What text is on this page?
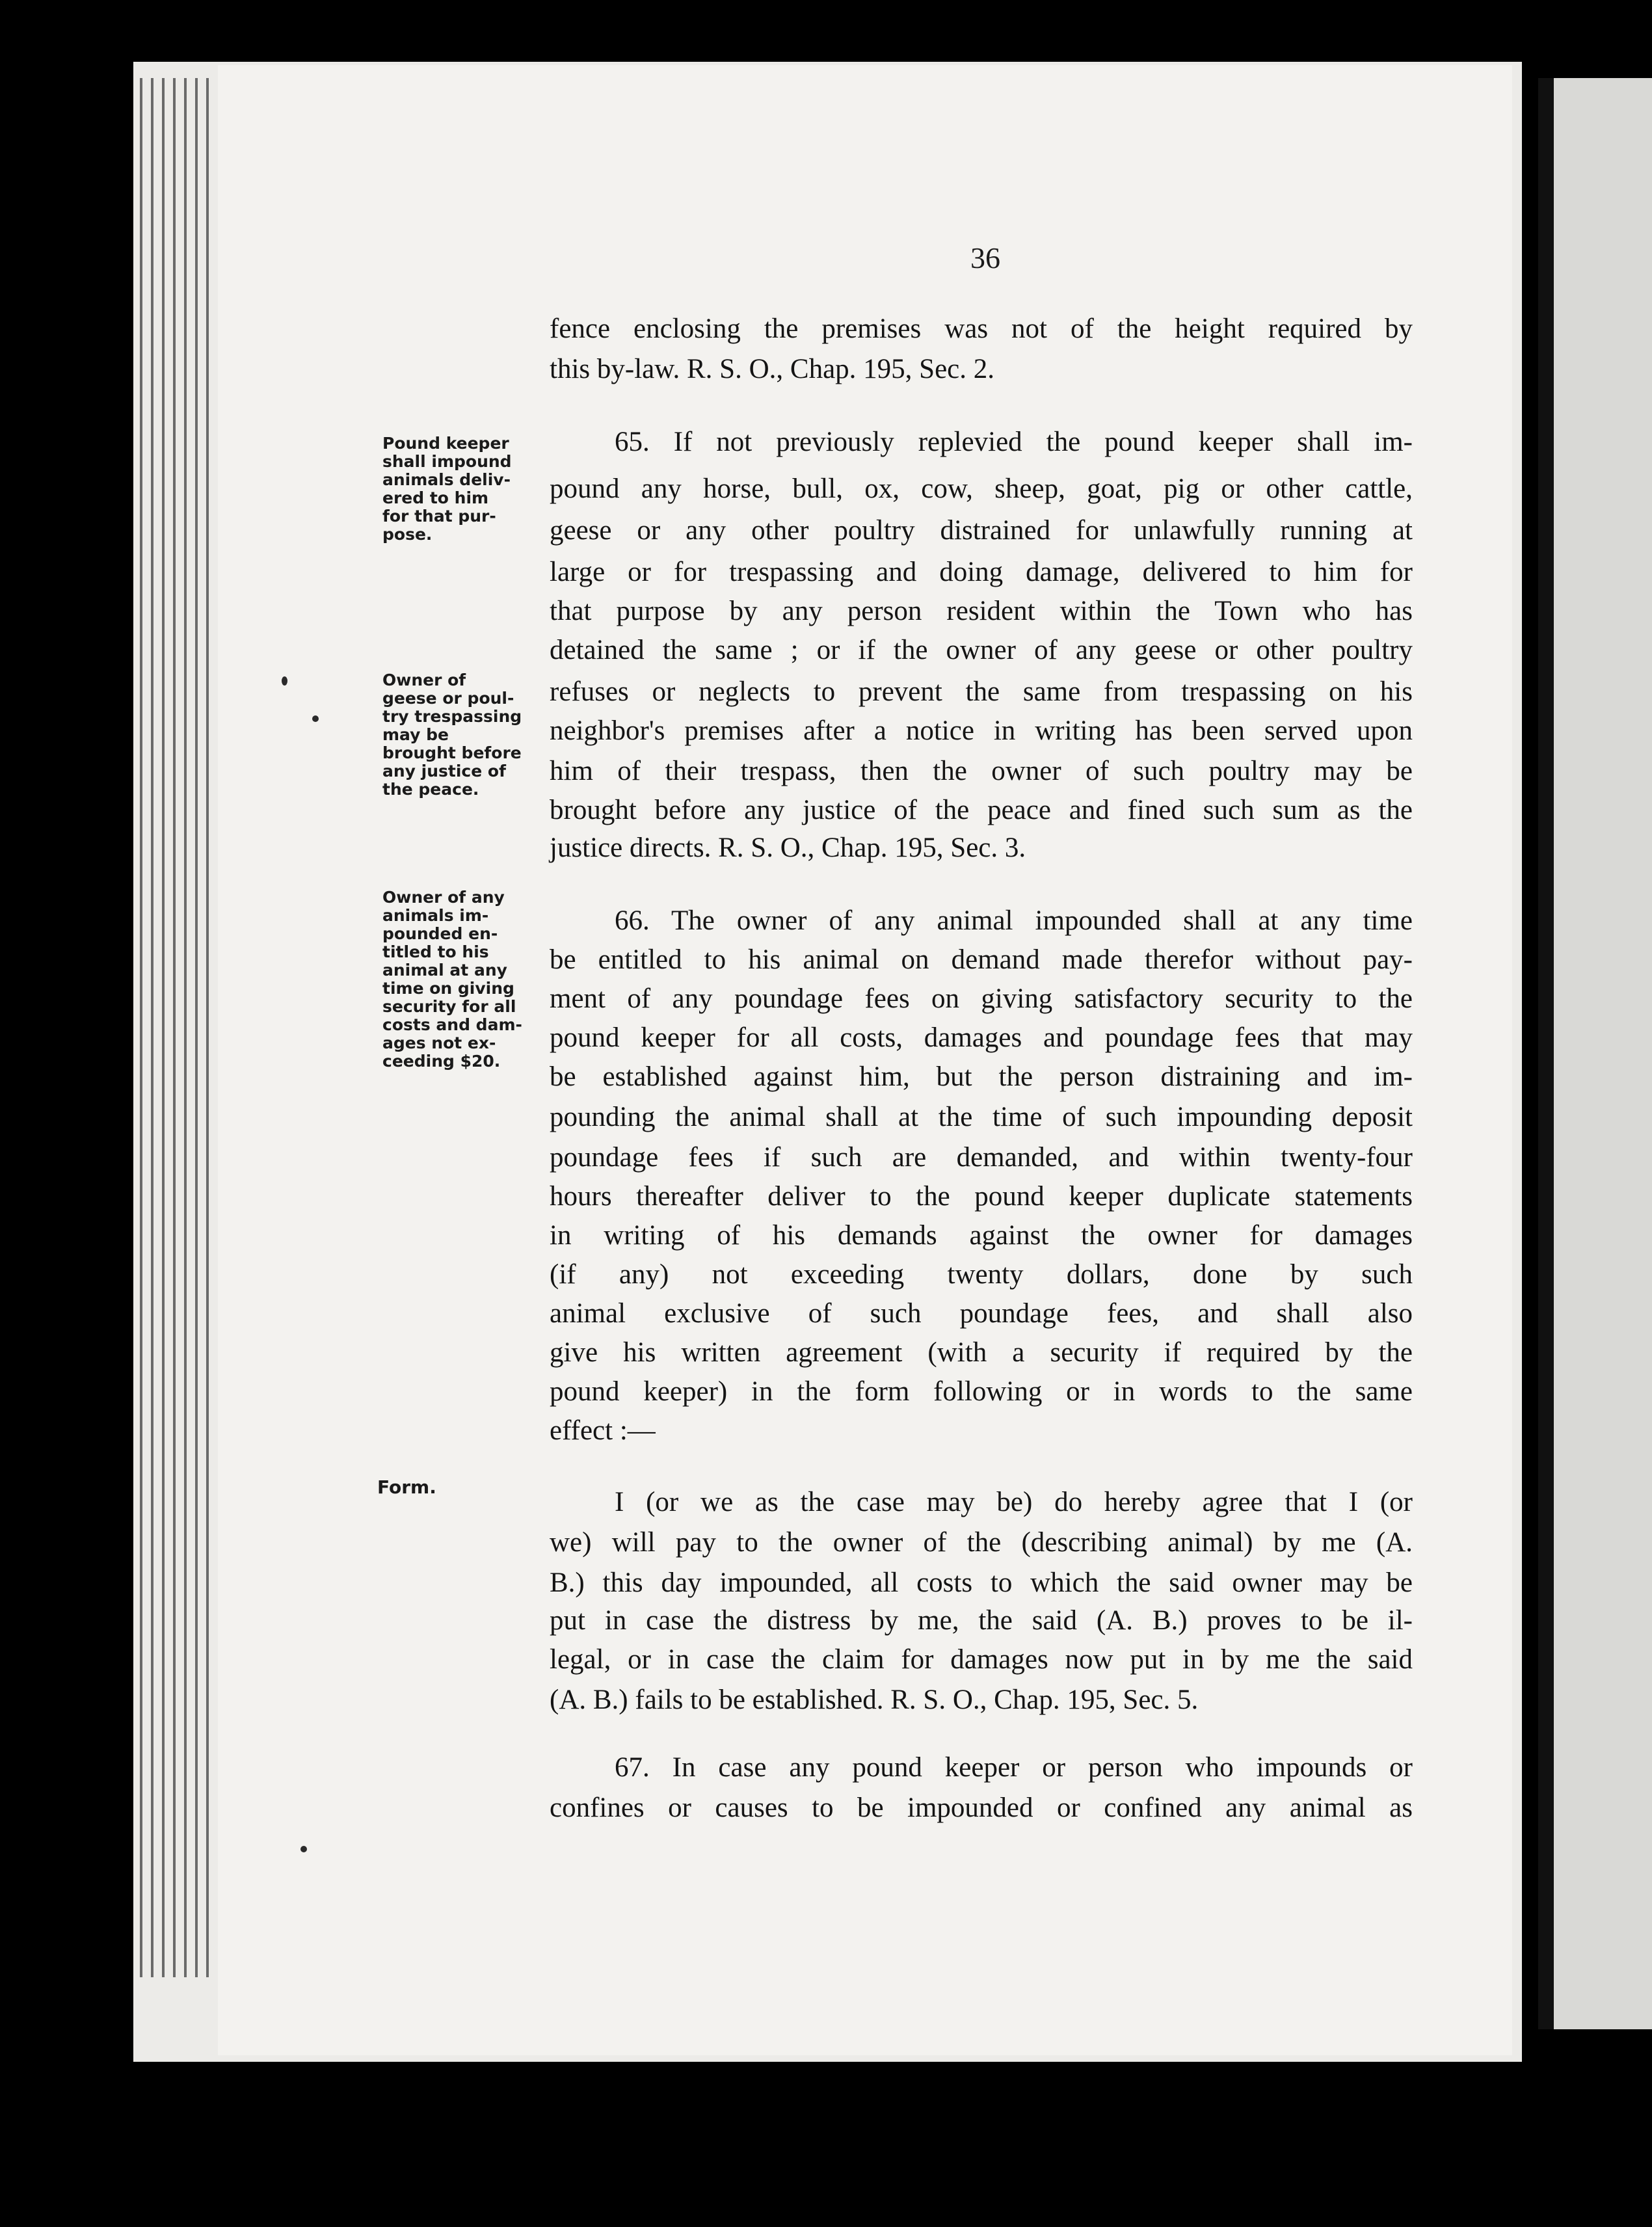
36
fence enclosing the premises was not of the height required by
this by-law. R. S. O., Chap. 195, Sec. 2.
65. If not previously replevied the pound keeper shall im-
pound any horse, bull, ox, cow, sheep, goat, pig or other cattle,
geese or any other poultry distrained for unlawfully running at
large or for trespassing and doing damage, delivered to him for
that purpose by any person resident within the Town who has
detained the same ; or if the owner of any geese or other poultry
refuses or neglects to prevent the same from trespassing on his
neighbor's premises after a notice in writing has been served upon
him of their trespass, then the owner of such poultry may be
brought before any justice of the peace and fined such sum as the
justice directs. R. S. O., Chap. 195, Sec. 3.
66. The owner of any animal impounded shall at any time
be entitled to his animal on demand made therefor without pay-
ment of any poundage fees on giving satisfactory security to the
pound keeper for all costs, damages and poundage fees that may
be established against him, but the person distraining and im-
pounding the animal shall at the time of such impounding deposit
poundage fees if such are demanded, and within twenty-four
hours thereafter deliver to the pound keeper duplicate statements
in writing of his demands against the owner for damages
(if any) not exceeding twenty dollars, done by such
animal exclusive of such poundage fees, and shall also
give his written agreement (with a security if required by the
pound keeper) in the form following or in words to the same
effect :—
I (or we as the case may be) do hereby agree that I (or
we) will pay to the owner of the (describing animal) by me (A.
B.) this day impounded, all costs to which the said owner may be
put in case the distress by me, the said (A. B.) proves to be il-
legal, or in case the claim for damages now put in by me the said
(A. B.) fails to be established. R. S. O., Chap. 195, Sec. 5.
67. In case any pound keeper or person who impounds or
confines or causes to be impounded or confined any animal as
Pound keeper
shall impound
animals deliv-
ered to him
for that pur-
pose.
Owner of
geese or poul-
try trespassing
may be
brought before
any justice of
the peace.
Owner of any
animals im-
pounded en-
titled to his
animal at any
time on giving
security for all
costs and dam-
ages not ex-
ceeding $20.
Form.
